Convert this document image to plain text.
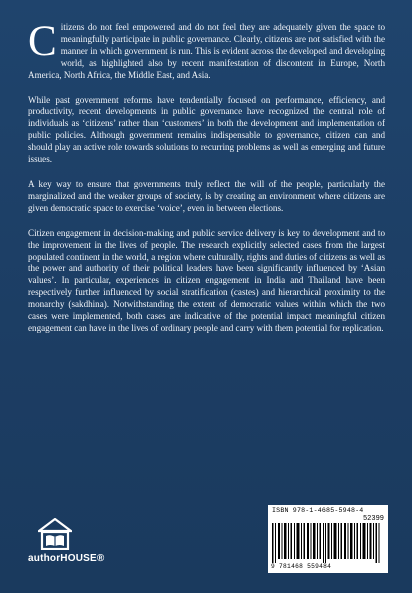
Citizens do not feel empowered and do not feel they are adequately given the space to meaningfully participate in public governance. Clearly, citizens are not satisfied with the manner in which government is run. This is evident across the developed and developing world, as highlighted also by recent manifestation of discontent in Europe, North America, North Africa, the Middle East, and Asia.

While past government reforms have tendentially focused on performance, efficiency, and productivity, recent developments in public governance have recognized the central role of individuals as ‘citizens’ rather than ‘customers’ in both the development and implementation of public policies. Although government remains indispensable to governance, citizen can and should play an active role towards solutions to recurring problems as well as emerging and future issues.

A key way to ensure that governments truly reflect the will of the people, particularly the marginalized and the weaker groups of society, is by creating an environment where citizens are given democratic space to exercise ‘voice’, even in between elections.

Citizen engagement in decision-making and public service delivery is key to development and to the improvement in the lives of people. The research explicitly selected cases from the largest populated continent in the world, a region where culturally, rights and duties of citizens as well as the power and authority of their political leaders have been significantly influenced by ‘Asian values’. In particular, experiences in citizen engagement in India and Thailand have been respectively further influenced by social stratification (castes) and hierarchical proximity to the monarchy (sakdhina). Notwithstanding the extent of democratic values within which the two cases were implemented, both cases are indicative of the potential impact meaningful citizen engagement can have in the lives of ordinary people and carry with them potential for replication.

authorHOUSE®
ISBN 978-1-4685-5948-4
52399
9 781468 559484
